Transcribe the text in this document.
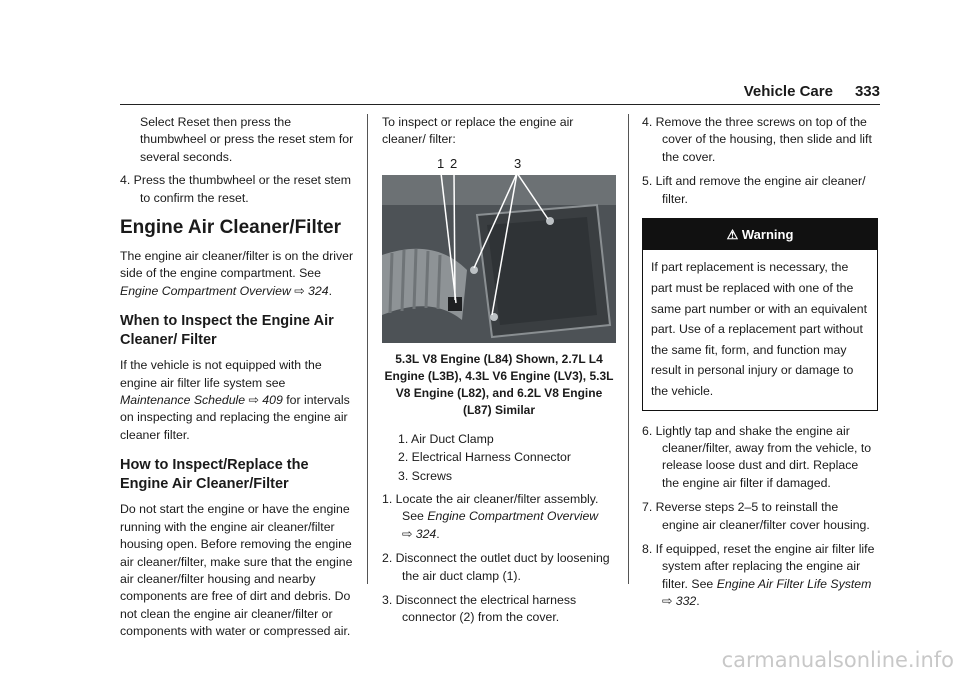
Vehicle Care 333

Select Reset then press the thumbwheel or press the reset stem for several seconds.

4. Press the thumbwheel or the reset stem to confirm the reset.

Engine Air Cleaner/Filter

The engine air cleaner/filter is on the driver side of the engine compartment. See Engine Compartment Overview ⇨ 324.

When to Inspect the Engine Air Cleaner/ Filter

If the vehicle is not equipped with the engine air filter life system see Maintenance Schedule ⇨ 409 for intervals on inspecting and replacing the engine air cleaner filter.

How to Inspect/Replace the Engine Air Cleaner/Filter

Do not start the engine or have the engine running with the engine air cleaner/filter housing open. Before removing the engine air cleaner/filter, make sure that the engine air cleaner/filter housing and nearby components are free of dirt and debris. Do not clean the engine air cleaner/filter or components with water or compressed air.

To inspect or replace the engine air cleaner/ filter:

1 2	3

5.3L V8 Engine (L84) Shown, 2.7L L4 Engine (L3B), 4.3L V6 Engine (LV3), 5.3L V8 Engine (L82), and 6.2L V8 Engine (L87) Similar

1. Air Duct Clamp
2. Electrical Harness Connector
3. Screws

1. Locate the air cleaner/filter assembly. See Engine Compartment Overview
⇨ 324.

2. Disconnect the outlet duct by loosening the air duct clamp (1).

3. Disconnect the electrical harness connector (2) from the cover.

4. Remove the three screws on top of the cover of the housing, then slide and lift the cover.

5. Lift and remove the engine air cleaner/ filter.

⚠ Warning
If part replacement is necessary, the part must be replaced with one of the same part number or with an equivalent part. Use of a replacement part without the same fit, form, and function may result in personal injury or damage to the vehicle.

6. Lightly tap and shake the engine air cleaner/filter, away from the vehicle, to release loose dust and dirt. Replace the engine air filter if damaged.

7. Reverse steps 2–5 to reinstall the engine air cleaner/filter cover housing.

8. If equipped, reset the engine air filter life system after replacing the engine air filter. See Engine Air Filter Life System
⇨ 332.

carmanualsonline.info
